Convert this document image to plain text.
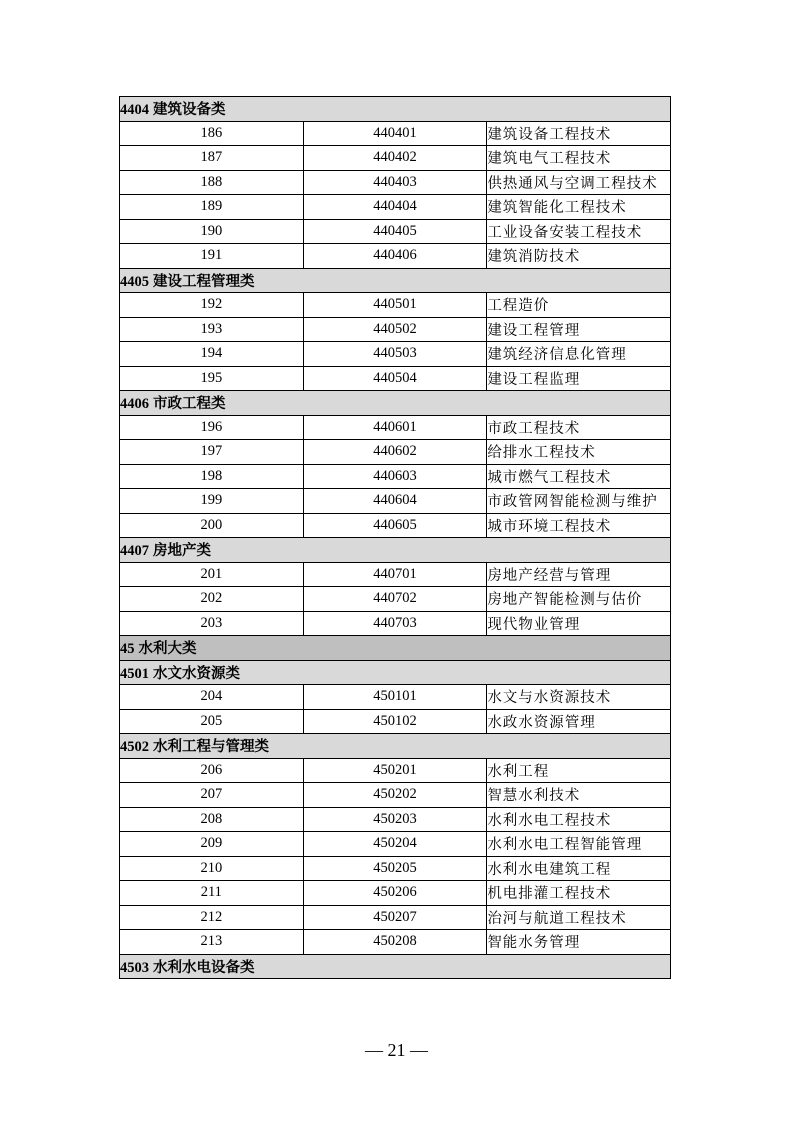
4404 建筑设备类		
186	440401	建筑设备工程技术
187	440402	建筑电气工程技术
188	440403	供热通风与空调工程技术
189	440404	建筑智能化工程技术
190	440405	工业设备安装工程技术
191	440406	建筑消防技术
4405 建设工程管理类		
192	440501	工程造价
193	440502	建设工程管理
194	440503	建筑经济信息化管理
195	440504	建设工程监理
4406 市政工程类		
196	440601	市政工程技术
197	440602	给排水工程技术
198	440603	城市燃气工程技术
199	440604	市政管网智能检测与维护
200	440605	城市环境工程技术
4407 房地产类		
201	440701	房地产经营与管理
202	440702	房地产智能检测与估价
203	440703	现代物业管理
45 水利大类		
4501 水文水资源类		
204	450101	水文与水资源技术
205	450102	水政水资源管理
4502 水利工程与管理类		
206	450201	水利工程
207	450202	智慧水利技术
208	450203	水利水电工程技术
209	450204	水利水电工程智能管理
210	450205	水利水电建筑工程
211	450206	机电排灌工程技术
212	450207	治河与航道工程技术
213	450208	智能水务管理
4503 水利水电设备类		
— 21 —
